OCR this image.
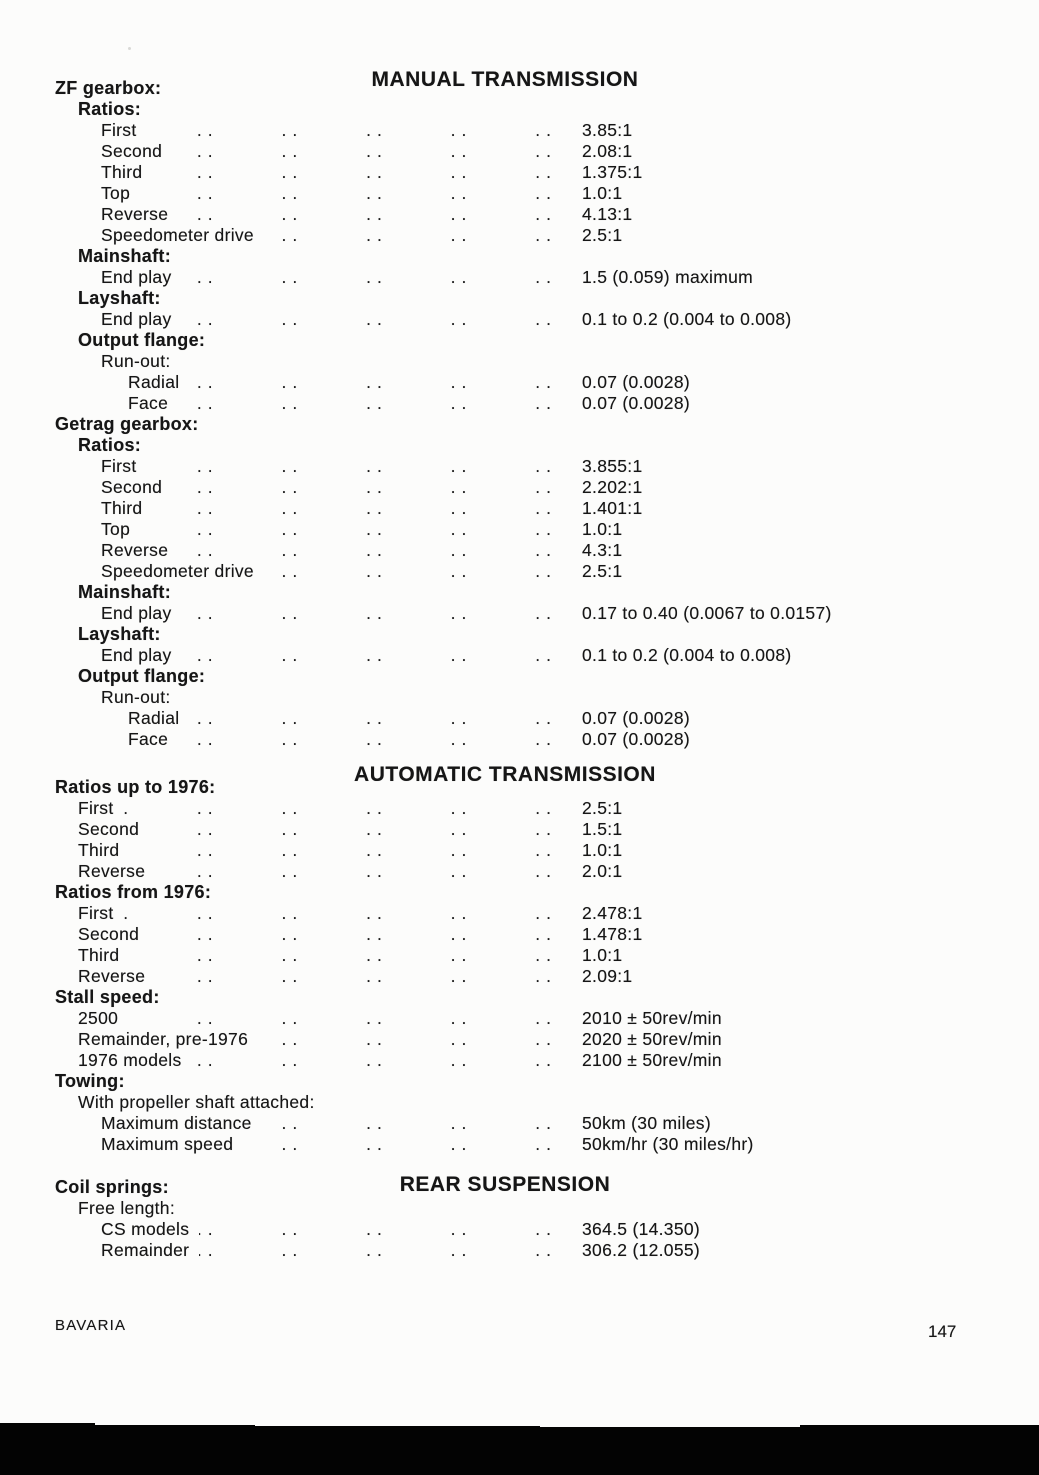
MANUAL TRANSMISSION
ZF gearbox:
Ratios:
First .. ..	3.85:1
Second .. ..	2.08:1
Third .. ..	1.375:1
Top .. ..	1.0:1
Reverse .. ..	4.13:1
Speedometer drive .. ..	2.5:1
Mainshaft:
End play .. ..	1.5 (0.059) maximum
Layshaft:
End play .. ..	0.1 to 0.2 (0.004 to 0.008)
Output flange:
Run-out:
Radial .. ..	0.07 (0.0028)
Face .. ..	0.07 (0.0028)
Getrag gearbox:
Ratios:
First .. ..	3.855:1
Second .. ..	2.202:1
Third .. ..	1.401:1
Top .. ..	1.0:1
Reverse .. ..	4.3:1
Speedometer drive .. ..	2.5:1
Mainshaft:
End play .. ..	0.17 to 0.40 (0.0067 to 0.0157)
Layshaft:
End play .. ..	0.1 to 0.2 (0.004 to 0.008)
Output flange:
Run-out:
Radial .. ..	0.07 (0.0028)
Face .. ..	0.07 (0.0028)
AUTOMATIC TRANSMISSION
Ratios up to 1976:
First .. ..	2.5:1
Second .. ..	1.5:1
Third .. ..	1.0:1
Reverse .. ..	2.0:1
Ratios from 1976:
First .. ..	2.478:1
Second .. ..	1.478:1
Third .. ..	1.0:1
Reverse .. ..	2.09:1
Stall speed:
2500 .. ..	2010 ± 50rev/min
Remainder, pre-1976 .. ..	2020 ± 50rev/min
1976 models .. ..	2100 ± 50rev/min
Towing:
With propeller shaft attached:
Maximum distance .. ..	50km (30 miles)
Maximum speed .. ..	50km/hr (30 miles/hr)
REAR SUSPENSION
Coil springs:
Free length:
CS models .. ..	364.5 (14.350)
Remainder .. ..	306.2 (12.055)
BAVARIA	147
